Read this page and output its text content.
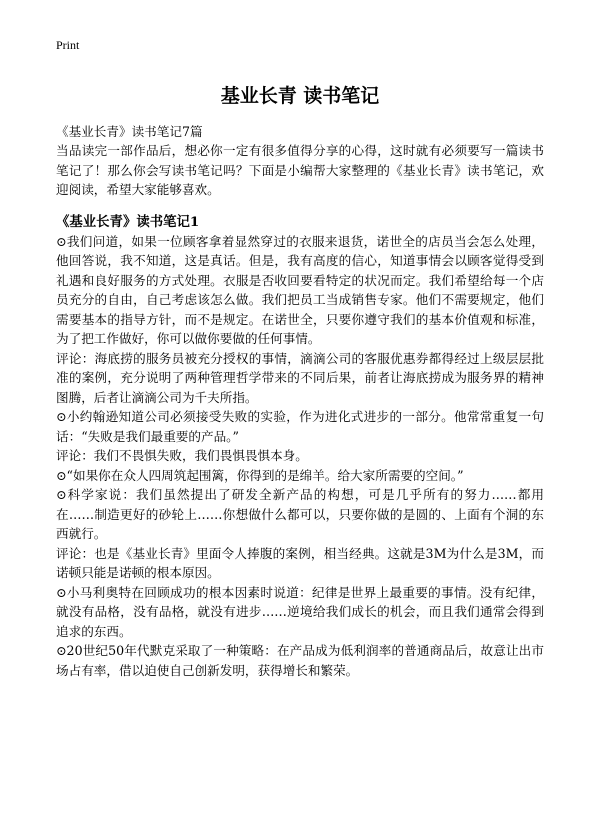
Print
基业长青 读书笔记
《基业长青》读书笔记7篇

当品读完一部作品后，想必你一定有很多值得分享的心得，这时就有必须要写一篇读书笔记了！那么你会写读书笔记吗？下面是小编帮大家整理的《基业长青》读书笔记，欢迎阅读，希望大家能够喜欢。

《基业长青》读书笔记1

⊙我们问道，如果一位顾客拿着显然穿过的衣服来退货，诺世全的店员当会怎么处理，他回答说，我不知道，这是真话。但是，我有高度的信心，知道事情会以顾客觉得受到礼遇和良好服务的方式处理。衣服是否收回要看特定的状况而定。我们希望给每一个店员充分的自由，自己考虑该怎么做。我们把员工当成销售专家。他们不需要规定，他们需要基本的指导方针，而不是规定。在诺世全，只要你遵守我们的基本价值观和标准，为了把工作做好，你可以做你要做的任何事情。

评论：海底捞的服务员被充分授权的事情，滴滴公司的客服优惠券都得经过上级层层批准的案例，充分说明了两种管理哲学带来的不同后果，前者让海底捞成为服务界的精神图腾，后者让滴滴公司为千夫所指。

⊙小约翰逊知道公司必须接受失败的实验，作为进化式进步的一部分。他常常重复一句话：“失败是我们最重要的产品。”

评论：我们不畏惧失败，我们畏惧畏惧本身。

⊙“如果你在众人四周筑起围篱，你得到的是绵羊。给大家所需要的空间。”

⊙科学家说：我们虽然提出了研发全新产品的构想，可是几乎所有的努力……都用在……制造更好的砂轮上……你想做什么都可以，只要你做的是圆的、上面有个洞的东西就行。

评论：也是《基业长青》里面令人捧腹的案例，相当经典。这就是3M为什么是3M，而诺顿只能是诺顿的根本原因。

⊙小马利奥特在回顾成功的根本因素时说道：纪律是世界上最重要的事情。没有纪律，就没有品格，没有品格，就没有进步……逆境给我们成长的机会，而且我们通常会得到追求的东西。

⊙20世纪50年代默克采取了一种策略：在产品成为低利润率的普通商品后，故意让出市场占有率，借以迫使自己创新发明，获得增长和繁荣。
